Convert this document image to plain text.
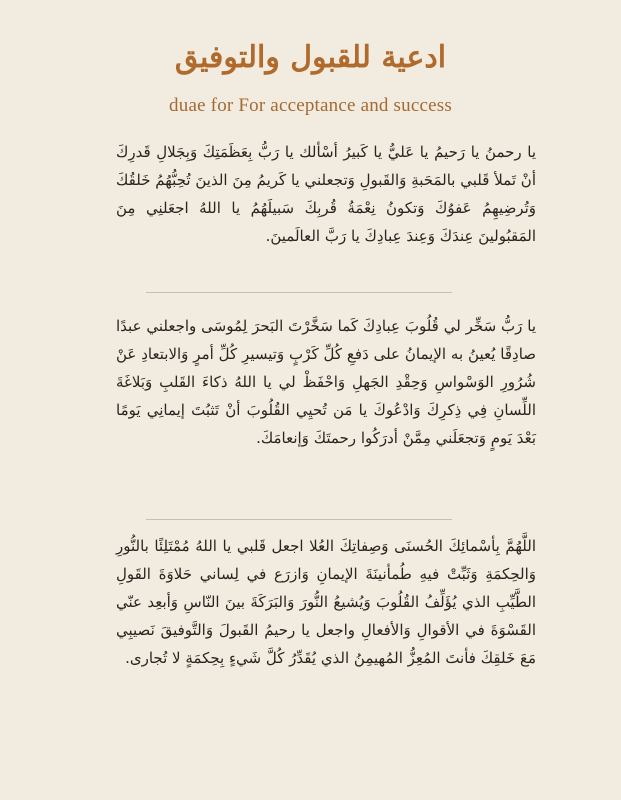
ادعية للقبول والتوفيق
duae for For acceptance and success
يا رحمنُ يا رَحيمُ يا عَليُّ يا كَبيرُ أسْألك يا رَبُّ بِعَظَمَتِكَ وَبِجَلالِ قَدرِكَ أنْ تَملأ قَلبي بالمَحَبةِ وَالقَبولِ وَتجعلني يا كَريمُ مِنَ الذينَ تُحِبُّهُمُ خَلقُكَ وَتُرضِيهِمُ عَفوُكَ وَتكونُ نِعْمَةُ قُربِكَ سَبيلَهُمُ يا اللهُ اجعَلنِي مِنَ المَقبُولينَ عِندَكَ وَعِندَ عِبادِكَ يا رَبَّ العالَمينَ.
يا رَبُّ سَخِّر لي قُلُوبَ عِبادِكَ كَما سَخَّرْتَ البَحرَ لِمُوسَى واجعلني عبدًا صادِقًا يُعينُ به الإيمانُ على دَفعِ كُلِّ كَرْبٍ وَتيسيرِ كُلِّ أمرٍ وَالابتعادِ عَنْ شُرُورِ الوَسْواسِ وَحِقْدِ الجَهلِ وَاحْفَظْ لي يا اللهُ ذكاءَ القَلبِ وَبَلاغَةَ اللِّسانِ فِي ذِكرِكَ وَادْعُوكَ يا مَن تُحيِي القُلُوبَ أنْ تَثبُتَ إيمانِي يَومًا بَعْدَ يَومٍ وَتجعَلَني مِمَّنْ أدرَكُوا رحمتَكَ وَإنعامَكَ.
اللَّهُمَّ بِأسْمائِكَ الحُسنَى وَصِفاتِكَ العُلا اجعل قَلبي يا اللهُ مُمْتَلِئًا بالنُّورِ وَالحِكمَةِ وَثَبِّتْ فيهِ طُمأنينَةَ الإيمانِ وَازرَع في لِساني حَلاوَةَ القَولِ الطَّيِّبِ الذي يُؤَلِّفُ القُلُوبَ وَيُشيعُ النُّورَ وَالبَرَكَةَ بينَ النّاسِ وَأبعِد عنّي القَسْوَةَ في الأقوالِ وَالأفعالِ واجعل يا رحيمُ القَبولَ وَالتَّوفيقَ نَصيبِي مَعَ خَلقِكَ فأنتَ المُعِزُّ المُهيمِنُ الذي يُقَدِّرُ كُلَّ شَيءٍ بِحِكمَةٍ لا تُجارى.
